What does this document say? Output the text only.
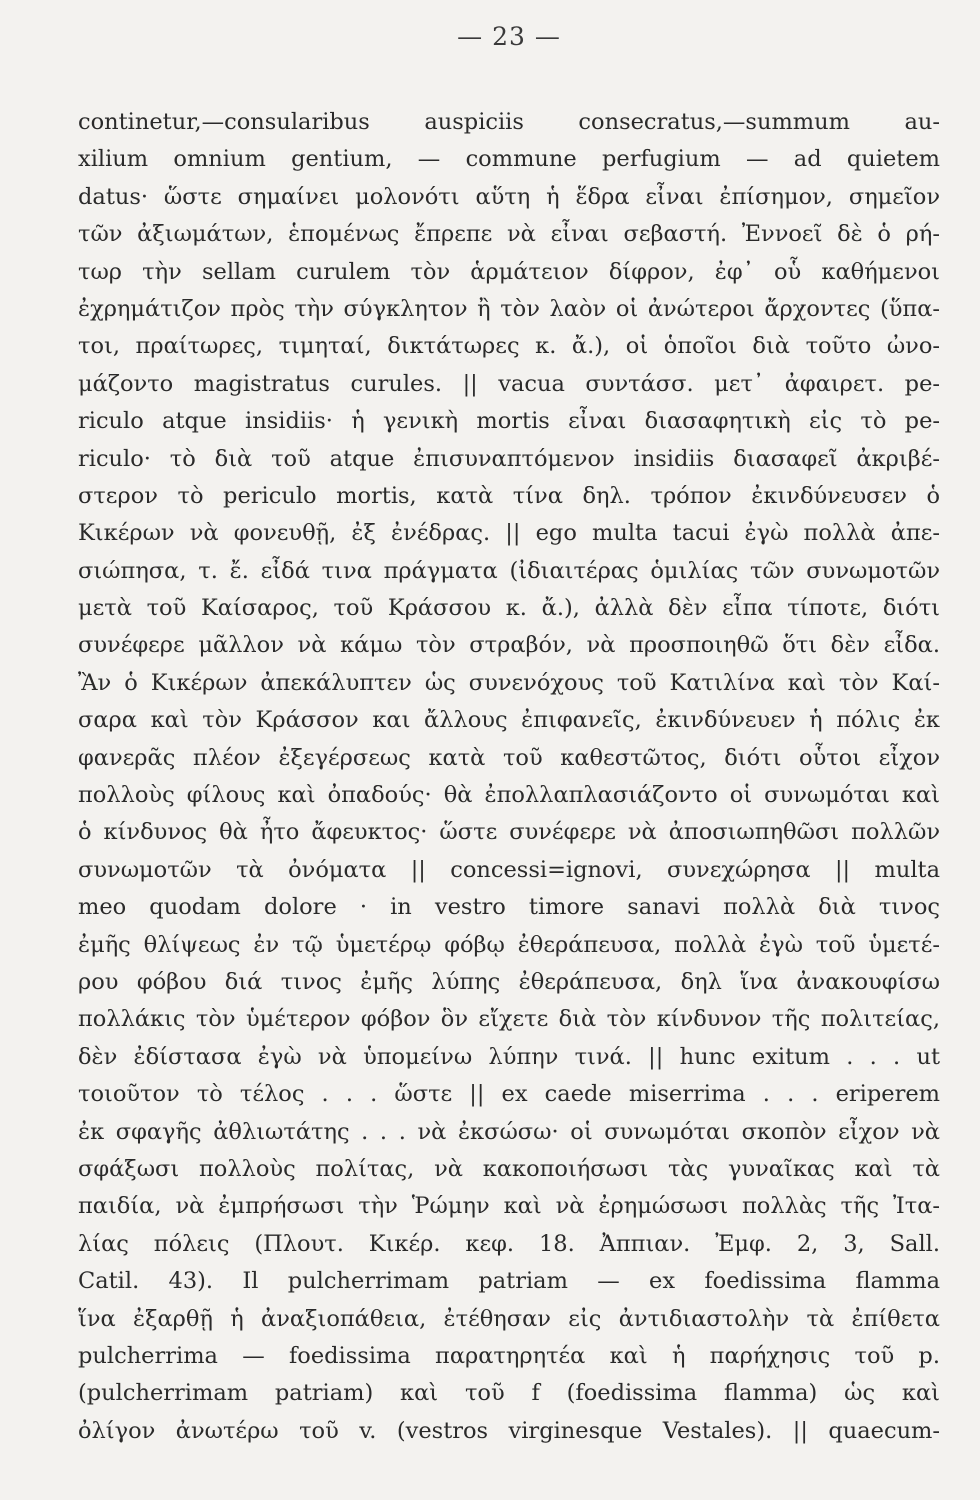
— 23 —
continetur,—consularibus auspiciis consecratus,—summum au-
xilium omnium gentium, — commune perfugium — ad quietem
datus· ὥστε σημαίνει μολονότι αὕτη ἡ ἕδρα εἶναι ἐπίσημον, σημεῖον
τῶν ἀξιωμάτων, ἑπομένως ἔπρεπε νὰ εἶναι σεβαστή. Ἐννοεῖ δὲ ὁ ρή-
τωρ τὴν sellam curulem τὸν ἁρμάτειον δίφρον, ἐφ᾽ οὗ καθήμενοι
ἐχρημάτιζον πρὸς τὴν σύγκλητον ἢ τὸν λαὸν οἱ ἀνώτεροι ἄρχοντες (ὕπα-
τοι, πραίτωρες, τιμηταί, δικτάτωρες κ. ἄ.), οἱ ὁποῖοι διὰ τοῦτο ὠνο-
μάζοντο magistratus curules. || vacua συντάσσ. μετ᾽ ἀφαιρετ. pe-
riculo atque insidiis· ἡ γενικὴ mortis εἶναι διασαφητικὴ εἰς τὸ pe-
riculo· τὸ διὰ τοῦ atque ἐπισυναπτόμενον insidiis διασαφεῖ ἀκριβέ-
στερον τὸ periculo mortis, κατὰ τίνα δηλ. τρόπον ἐκινδύνευσεν ὁ
Κικέρων νὰ φονευθῇ, ἐξ ἐνέδρας. || ego multa tacui ἐγὼ πολλὰ ἀπε-
σιώπησα, τ. ἔ. εἶδά τινα πράγματα (ἰδιαιτέρας ὁμιλίας τῶν συνωμοτῶν
μετὰ τοῦ Καίσαρος, τοῦ Κράσσου κ. ἄ.), ἀλλὰ δὲν εἶπα τίποτε, διότι
συνέφερε μᾶλλον νὰ κάμω τὸν στραβόν, νὰ προσποιηθῶ ὅτι δὲν εἶδα.
Ἂν ὁ Κικέρων ἀπεκάλυπτεν ὡς συνενόχους τοῦ Κατιλίνα καὶ τὸν Καί-
σαρα καὶ τὸν Κράσσον και ἄλλους ἐπιφανεῖς, ἐκινδύνευεν ἡ πόλις ἐκ
φανερᾶς πλέον ἐξεγέρσεως κατὰ τοῦ καθεστῶτος, διότι οὗτοι εἶχον
πολλοὺς φίλους καὶ ὀπαδούς· θὰ ἐπολλαπλασιάζοντο οἱ συνωμόται καὶ
ὁ κίνδυνος θὰ ἦτο ἄφευκτος· ὥστε συνέφερε νὰ ἀποσιωπηθῶσι πολλῶν
συνωμοτῶν τὰ ὀνόματα || concessi=ignovi, συνεχώρησα || multa
meo quodam dolore · in vestro timore sanavi πολλὰ διὰ τινος
ἐμῆς θλίψεως ἐν τῷ ὑμετέρῳ φόβῳ ἐθεράπευσα, πολλὰ ἐγὼ τοῦ ὑμετέ-
ρου φόβου διά τινος ἐμῆς λύπης ἐθεράπευσα, δηλ ἵνα ἀνακουφίσω
πολλάκις τὸν ὑμέτερον φόβον ὃν εἴχετε διὰ τὸν κίνδυνον τῆς πολιτείας,
δὲν ἐδίστασα ἐγὼ νὰ ὑπομείνω λύπην τινά. || hunc exitum . . . ut
τοιοῦτον τὸ τέλος . . . ὥστε || ex caede miserrima . . . eriperem
ἐκ σφαγῆς ἀθλιωτάτης . . . νὰ ἐκσώσω· οἱ συνωμόται σκοπὸν εἶχον νὰ
σφάξωσι πολλοὺς πολίτας, νὰ κακοποιήσωσι τὰς γυναῖκας καὶ τὰ
παιδία, νὰ ἐμπρήσωσι τὴν Ῥώμην καὶ νὰ ἐρημώσωσι πολλὰς τῆς Ἰτα-
λίας πόλεις (Πλουτ. Κικέρ. κεφ. 18. Ἀππιαν. Ἐμφ. 2, 3, Sall.
Catil. 43). Il pulcherrimam patriam — ex foedissima flamma
ἵνα ἐξαρθῇ ἡ ἀναξιοπάθεια, ἐτέθησαν εἰς ἀντιδιαστολὴν τὰ ἐπίθετα
pulcherrima — foedissima παρατηρητέα καὶ ἡ παρήχησις τοῦ p.
(pulcherrimam patriam) καὶ τοῦ f (foedissima flamma) ὡς καὶ
ὀλίγον ἀνωτέρω τοῦ v. (vestros virginesque Vestales). || quaecum-
